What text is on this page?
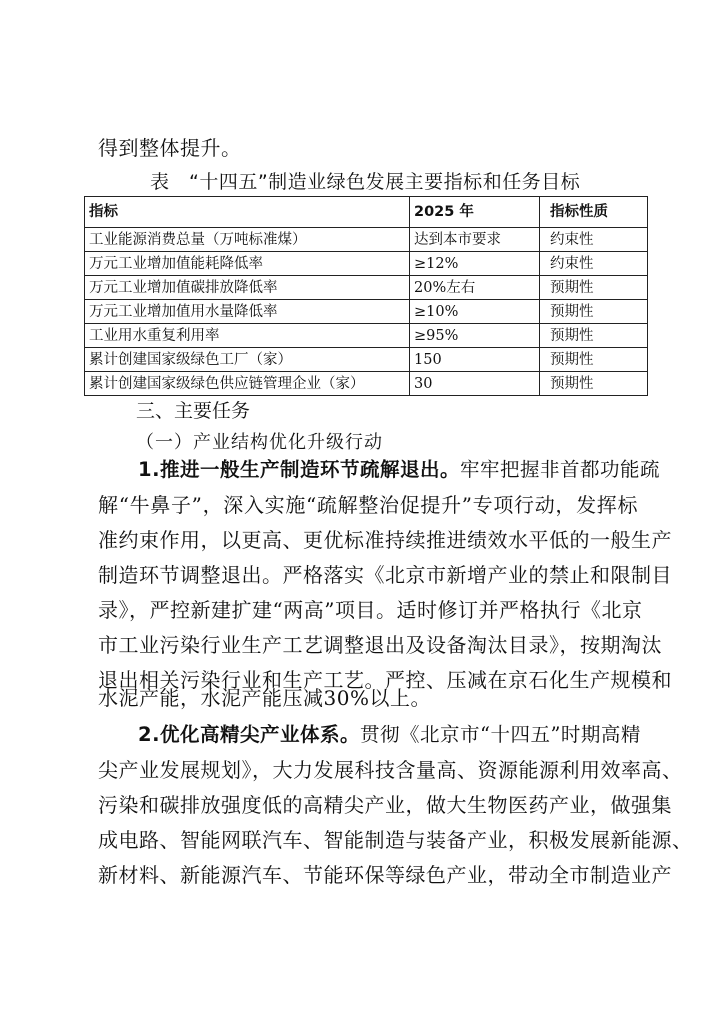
得到整体提升。
表　“十四五”制造业绿色发展主要指标和任务目标
指标	2025 年	指标性质
工业能源消费总量（万吨标准煤）	达到本市要求	约束性
万元工业增加值能耗降低率	≥12%	约束性
万元工业增加值碳排放降低率	20%左右	预期性
万元工业增加值用水量降低率	≥10%	预期性
工业用水重复利用率	≥95%	预期性
累计创建国家级绿色工厂（家）	150	预期性
累计创建国家级绿色供应链管理企业（家）	30	预期性
三、主要任务
（一）产业结构优化升级行动
1.推进一般生产制造环节疏解退出。牢牢把握非首都功能疏
解“牛鼻子”，深入实施“疏解整治促提升”专项行动，发挥标
准约束作用，以更高、更优标准持续推进绩效水平低的一般生产
制造环节调整退出。严格落实《北京市新增产业的禁止和限制目
录》，严控新建扩建“两高”项目。适时修订并严格执行《北京
市工业污染行业生产工艺调整退出及设备淘汰目录》，按期淘汰
退出相关污染行业和生产工艺。严控、压减在京石化生产规模和
水泥产能，水泥产能压减30%以上。
2.优化高精尖产业体系。贯彻《北京市“十四五”时期高精
尖产业发展规划》，大力发展科技含量高、资源能源利用效率高、
污染和碳排放强度低的高精尖产业，做大生物医药产业，做强集
成电路、智能网联汽车、智能制造与装备产业，积极发展新能源、
新材料、新能源汽车、节能环保等绿色产业，带动全市制造业产
